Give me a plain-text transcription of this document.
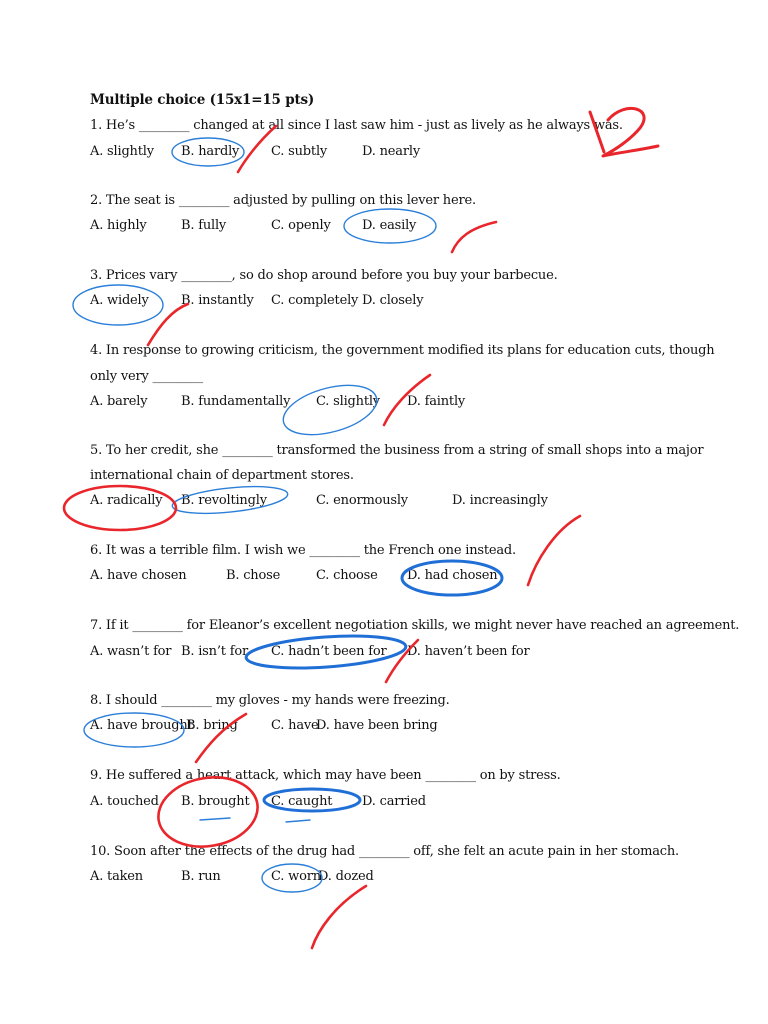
Multiple choice (15x1=15 pts)
1. He’s ________ changed at all since I last saw him - just as lively as he always was.
A. slightly B. hardly C. subtly	D. nearly
2. The seat is ________ adjusted by pulling on this lever here.
A. highly	B. fully	C. openly D. easily
3. Prices vary ________, so do shop around before you buy your barbecue.
A. widely B. instantly C. completely D. closely
4. In response to growing criticism, the government modified its plans for education cuts, though
only very ________
A. barely	B. fundamentally C. slightly D. faintly
5. To her credit, she ________ transformed the business from a string of small shops into a major
international chain of department stores.
A. radically B. revoltingly	C. enormously	D. increasingly
6. It was a terrible film. I wish we ________ the French one instead.
A. have chosen	B. chose	C. choose D. had chosen
7. If it ________ for Eleanor’s excellent negotiation skills, we might never have reached an agreement.
A. wasn’t for B. isn’t for C. hadn’t been for D. haven’t been for
8. I should ________ my gloves - my hands were freezing.
A. have brought
B. bring	C. have
D. have been bring
9. He suffered a heart attack, which may have been ________ on by stress.
A. touched B. brought C. caught D. carried
10. Soon after the effects of the drug had ________ off, she felt an acute pain in her stomach.
A. taken	B. run	C. worn
D. dozed
